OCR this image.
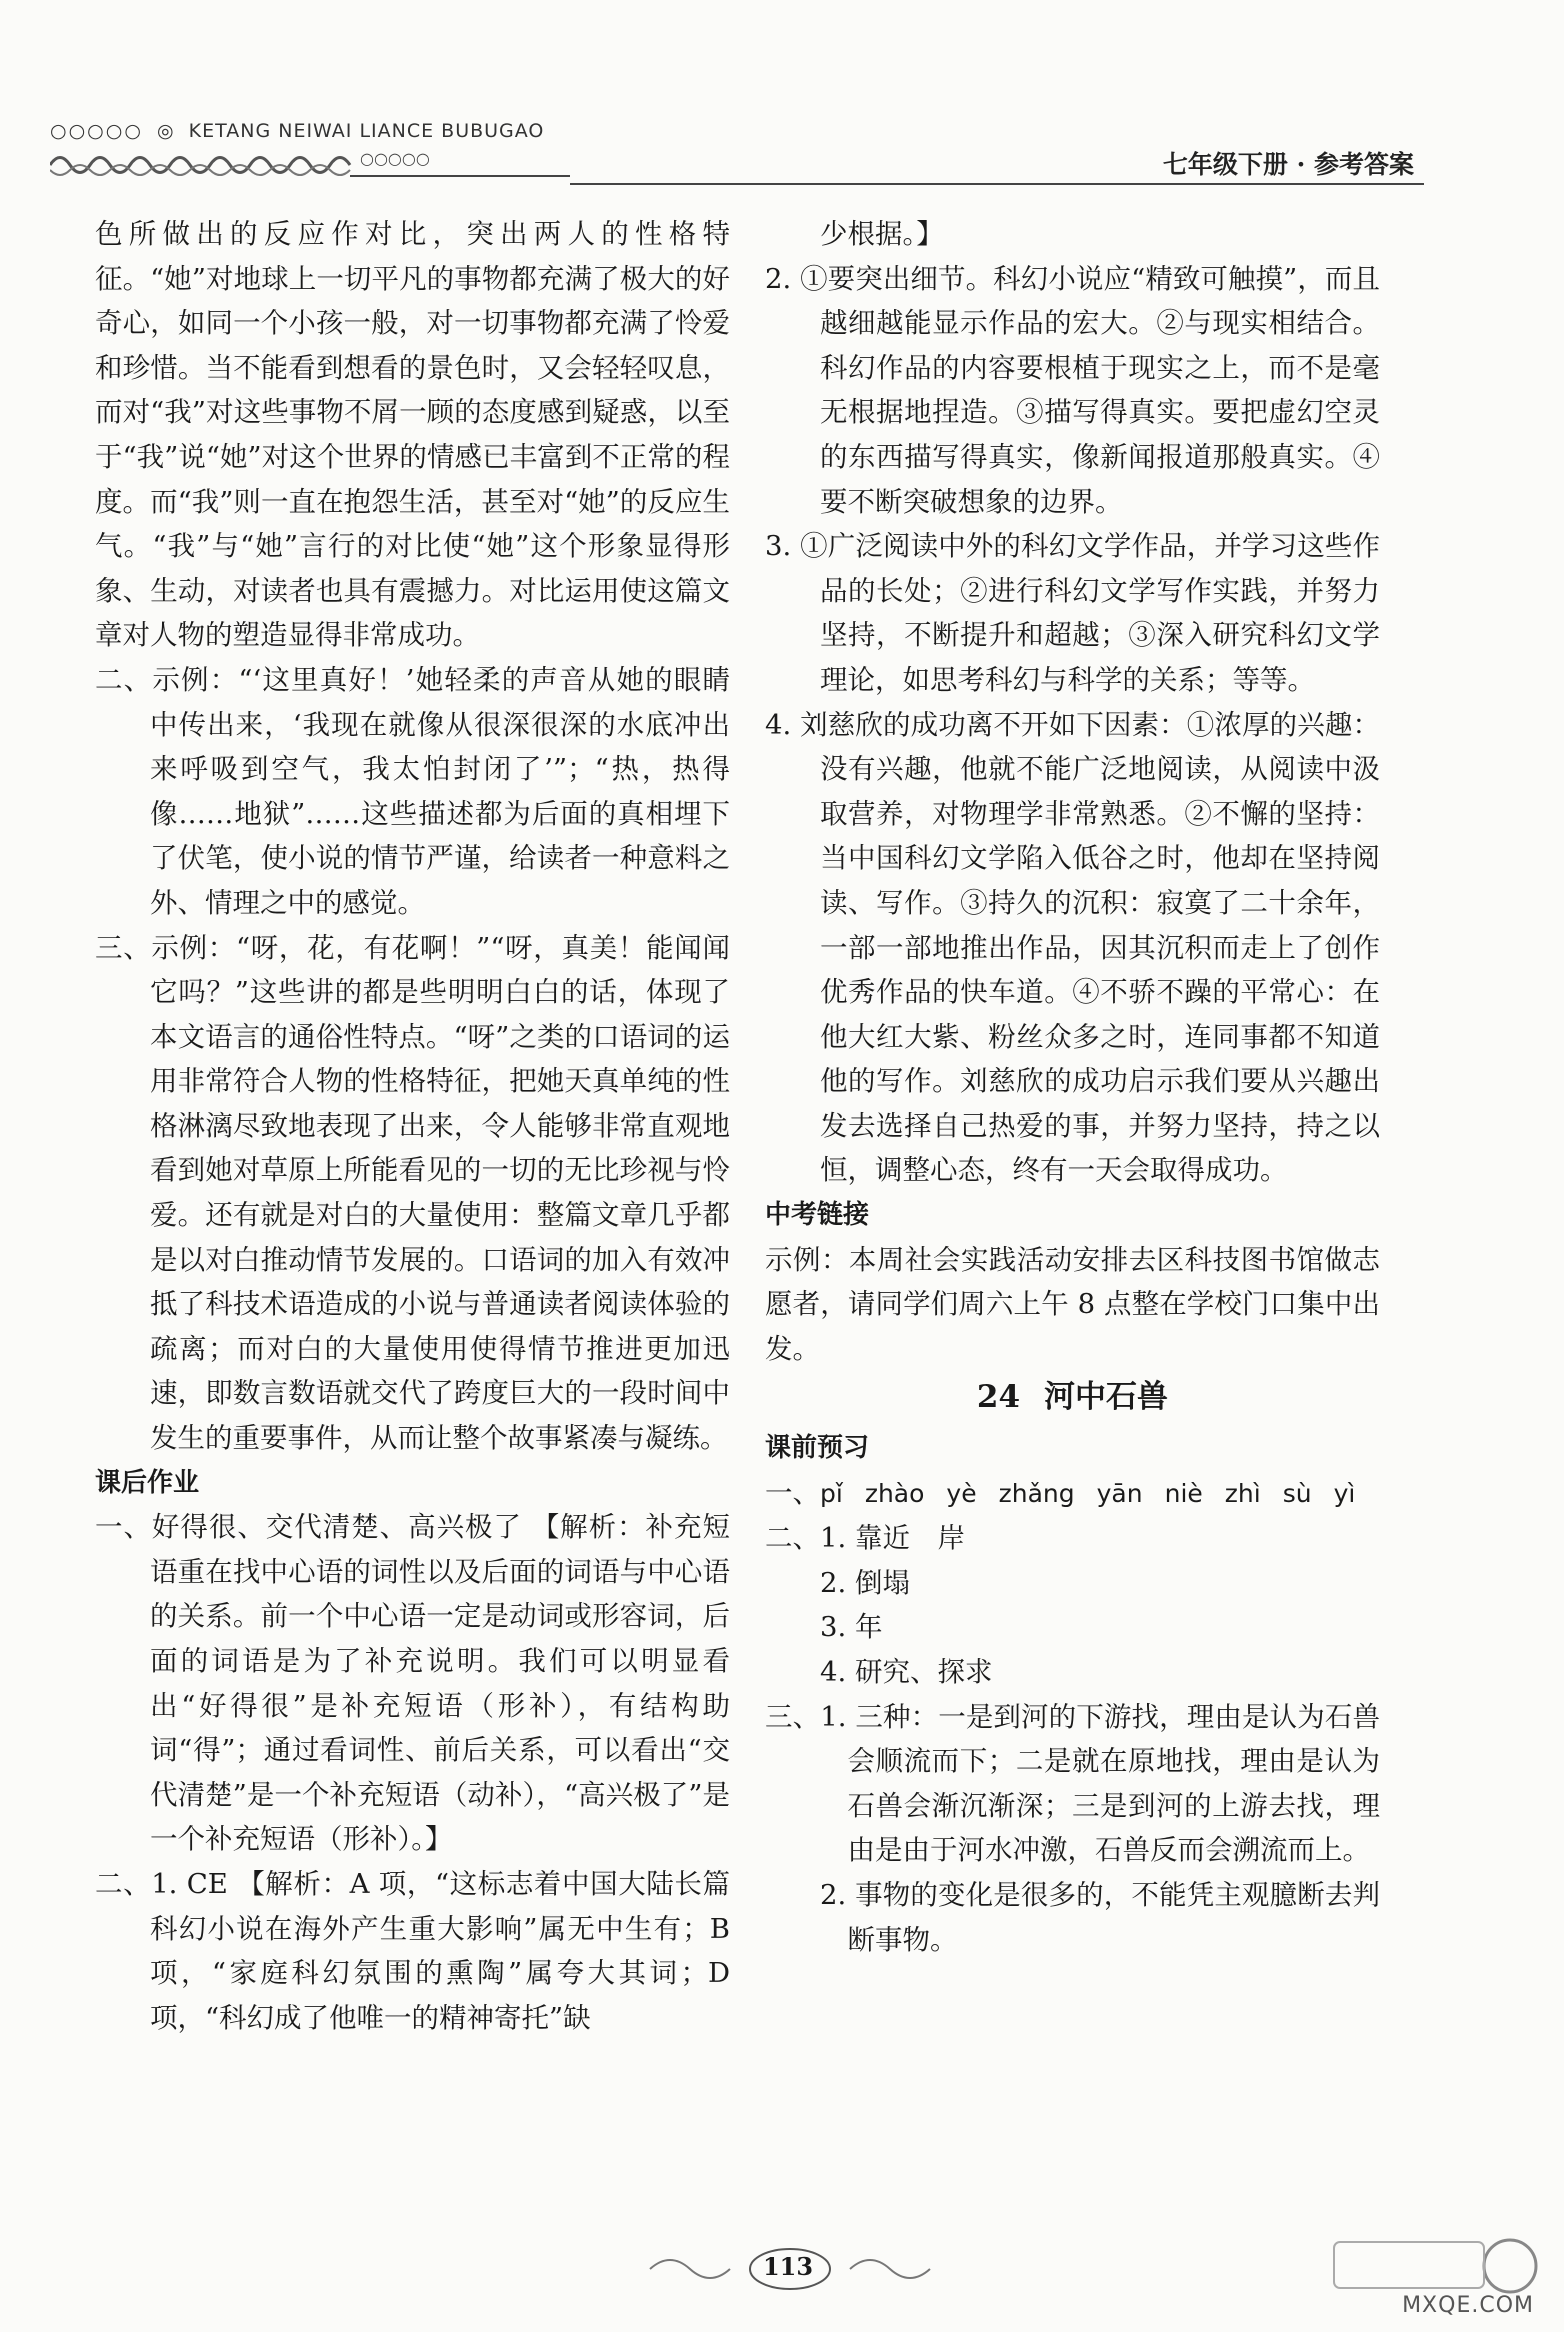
○○○○○  ◎  KETANG NEIWAI LIANCE BUBUGAO
○○○○○	七年级下册 · 参考答案

色所做出的反应作对比，突出两人的性格特征。“她”对地球上一切平凡的事物都充满了极大的好奇心，如同一个小孩一般，对一切事物都充满了怜爱和珍惜。当不能看到想看的景色时，又会轻轻叹息，而对“我”对这些事物不屑一顾的态度感到疑惑，以至于“我”说“她”对这个世界的情感已丰富到不正常的程度。而“我”则一直在抱怨生活，甚至对“她”的反应生气。“我”与“她”言行的对比使“她”这个形象显得形象、生动，对读者也具有震撼力。对比运用使这篇文章对人物的塑造显得非常成功。

二、示例：“‘这里真好！’她轻柔的声音从她的眼睛中传出来，‘我现在就像从很深很深的水底冲出来呼吸到空气，我太怕封闭了’”；“热，热得像……地狱”……这些描述都为后面的真相埋下了伏笔，使小说的情节严谨，给读者一种意料之外、情理之中的感觉。

三、示例：“呀，花，有花啊！”“呀，真美！能闻闻它吗？”这些讲的都是些明明白白的话，体现了本文语言的通俗性特点。“呀”之类的口语词的运用非常符合人物的性格特征，把她天真单纯的性格淋漓尽致地表现了出来，令人能够非常直观地看到她对草原上所能看见的一切的无比珍视与怜爱。还有就是对白的大量使用：整篇文章几乎都是以对白推动情节发展的。口语词的加入有效冲抵了科技术语造成的小说与普通读者阅读体验的疏离；而对白的大量使用使得情节推进更加迅速，即数言数语就交代了跨度巨大的一段时间中发生的重要事件，从而让整个故事紧凑与凝练。

课后作业

一、好得很、交代清楚、高兴极了 【解析：补充短语重在找中心语的词性以及后面的词语与中心语的关系。前一个中心语一定是动词或形容词，后面的词语是为了补充说明。我们可以明显看出“好得很”是补充短语（形补），有结构助词“得”；通过看词性、前后关系，可以看出“交代清楚”是一个补充短语（动补），“高兴极了”是一个补充短语（形补）。】

二、1. CE 【解析：A 项，“这标志着中国大陆长篇科幻小说在海外产生重大影响”属无中生有；B 项，“家庭科幻氛围的熏陶”属夸大其词；D 项，“科幻成了他唯一的精神寄托”缺

少根据。】

2. ①要突出细节。科幻小说应“精致可触摸”，而且越细越能显示作品的宏大。②与现实相结合。科幻作品的内容要根植于现实之上，而不是毫无根据地捏造。③描写得真实。要把虚幻空灵的东西描写得真实，像新闻报道那般真实。④要不断突破想象的边界。

3. ①广泛阅读中外的科幻文学作品，并学习这些作品的长处；②进行科幻文学写作实践，并努力坚持，不断提升和超越；③深入研究科幻文学理论，如思考科幻与科学的关系；等等。

4. 刘慈欣的成功离不开如下因素：①浓厚的兴趣：没有兴趣，他就不能广泛地阅读，从阅读中汲取营养，对物理学非常熟悉。②不懈的坚持：当中国科幻文学陷入低谷之时，他却在坚持阅读、写作。③持久的沉积：寂寞了二十余年，一部一部地推出作品，因其沉积而走上了创作优秀作品的快车道。④不骄不躁的平常心：在他大红大紫、粉丝众多之时，连同事都不知道他的写作。刘慈欣的成功启示我们要从兴趣出发去选择自己热爱的事，并努力坚持，持之以恒，调整心态，终有一天会取得成功。

中考链接

示例：本周社会实践活动安排去区科技图书馆做志愿者，请同学们周六上午 8 点整在学校门口集中出发。

24 河中石兽

课前预习

一、pǐ zhào yè zhǎng yān niè zhì sù yì

二、1. 靠近　岸

2. 倒塌

3. 年

4. 研究、探求

三、1. 三种：一是到河的下游找，理由是认为石兽会顺流而下；二是就在原地找，理由是认为石兽会渐沉渐深；三是到河的上游去找，理由是由于河水冲激，石兽反而会溯流而上。

2. 事物的变化是很多的，不能凭主观臆断去判断事物。

113
MXQE.COM
